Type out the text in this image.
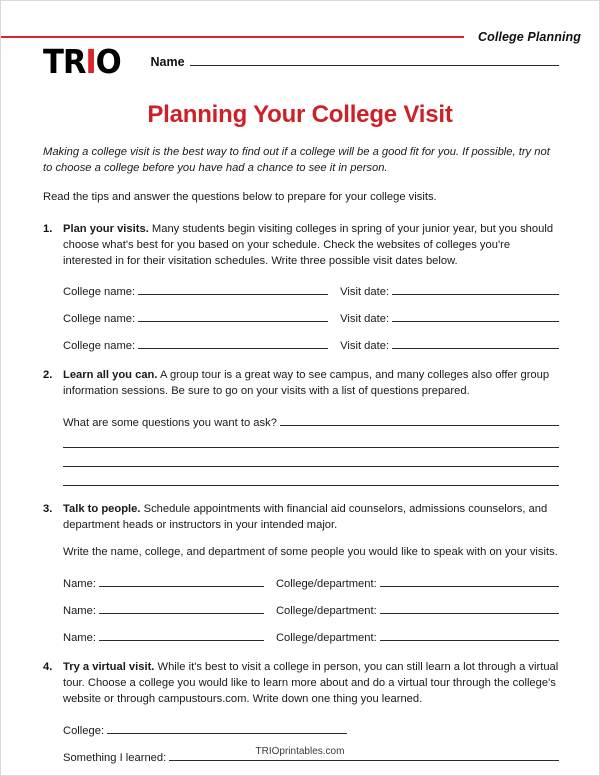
College Planning
TRIO Name
Planning Your College Visit

Making a college visit is the best way to find out if a college will be a good fit for you. If possible, try not to choose a college before you have had a chance to see it in person.

Read the tips and answer the questions below to prepare for your college visits.

1. Plan your visits. Many students begin visiting colleges in spring of your junior year, but you should choose what's best for you based on your schedule. Check the websites of colleges you're interested in for their visitation schedules. Write three possible visit dates below.

College name:	Visit date:
College name:	Visit date:
College name:	Visit date:
2. Learn all you can. A group tour is a great way to see campus, and many colleges also offer group information sessions. Be sure to go on your visits with a list of questions prepared.

What are some questions you want to ask?
3. Talk to people. Schedule appointments with financial aid counselors, admissions counselors, and department heads or instructors in your intended major.

Write the name, college, and department of some people you would like to speak with on your visits.

Name:	College/department:
Name:	College/department:
Name:	College/department:
4. Try a virtual visit. While it's best to visit a college in person, you can still learn a lot through a virtual tour. Choose a college you would like to learn more about and do a virtual tour through the college's website or through campustours.com. Write down one thing you learned.

College:
Something I learned:
TRIOprintables.com
